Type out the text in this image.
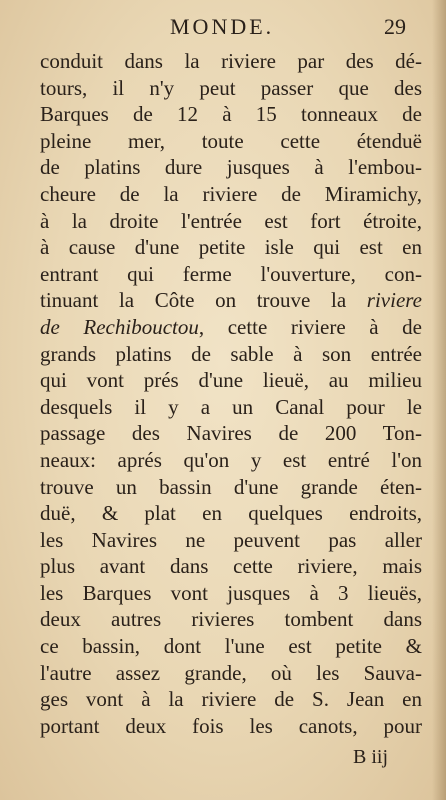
MONDE.	29
conduit dans la riviere par des dé-
tours, il n'y peut passer que des
Barques de 12 à 15 tonneaux de
pleine mer, toute cette étenduë
de platins dure jusques à l'embou-
cheure de la riviere de Miramichy,
à la droite l'entrée est fort étroite,
à cause d'une petite isle qui est en
entrant qui ferme l'ouverture, con-
tinuant la Côte on trouve la riviere
de Rechibouctou, cette riviere à de
grands platins de sable à son entrée
qui vont prés d'une lieuë, au milieu
desquels il y a un Canal pour le
passage des Navires de 200 Ton-
neaux: aprés qu'on y est entré l'on
trouve un bassin d'une grande éten-
duë, & plat en quelques endroits,
les Navires ne peuvent pas aller
plus avant dans cette riviere, mais
les Barques vont jusques à 3 lieuës,
deux autres rivieres tombent dans
ce bassin, dont l'une est petite &
l'autre assez grande, où les Sauva-
ges vont à la riviere de S. Jean en
portant deux fois les canots, pour
B iij
